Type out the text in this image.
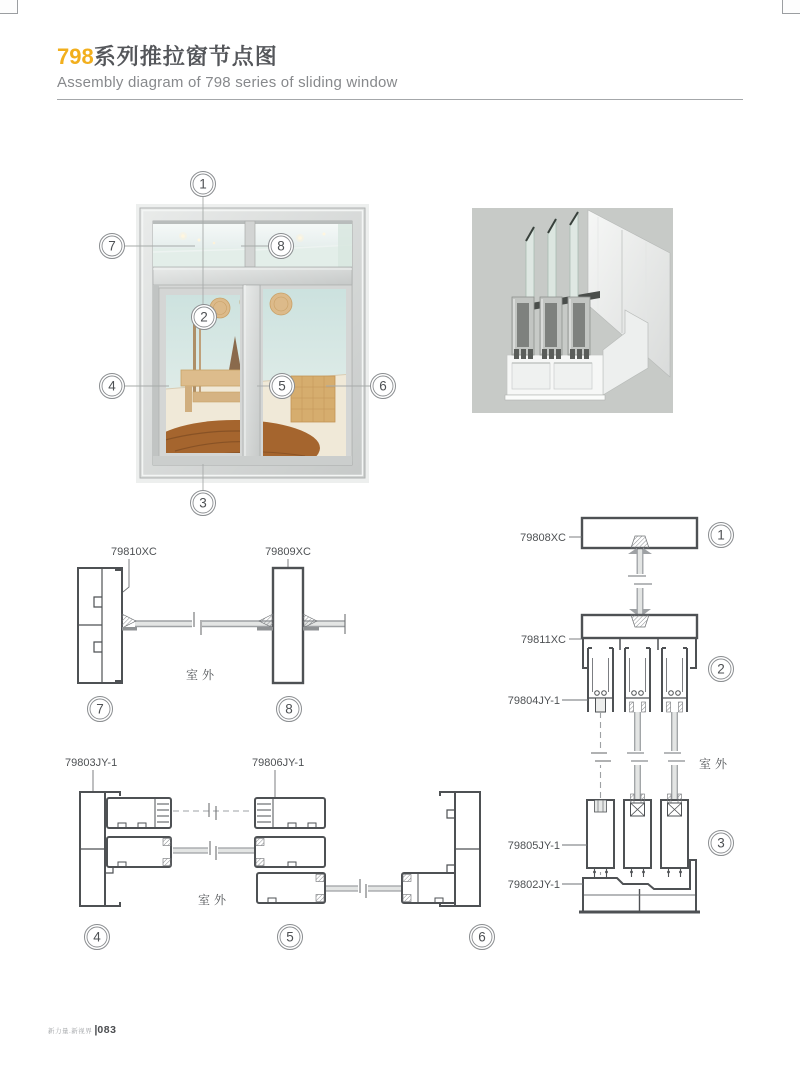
798系列推拉窗节点图
Assembly diagram of 798 series of sliding window
1
2
3
4	5	6
7	8
79810XC	79809XC
室外
7	8
79803JY-1	79806JY-1
室外
4	5	6
79808XC	1
79811XC
2
79804JY-1
室外
79805JY-1	3
79802JY-1
新力量.新视界 | 083
